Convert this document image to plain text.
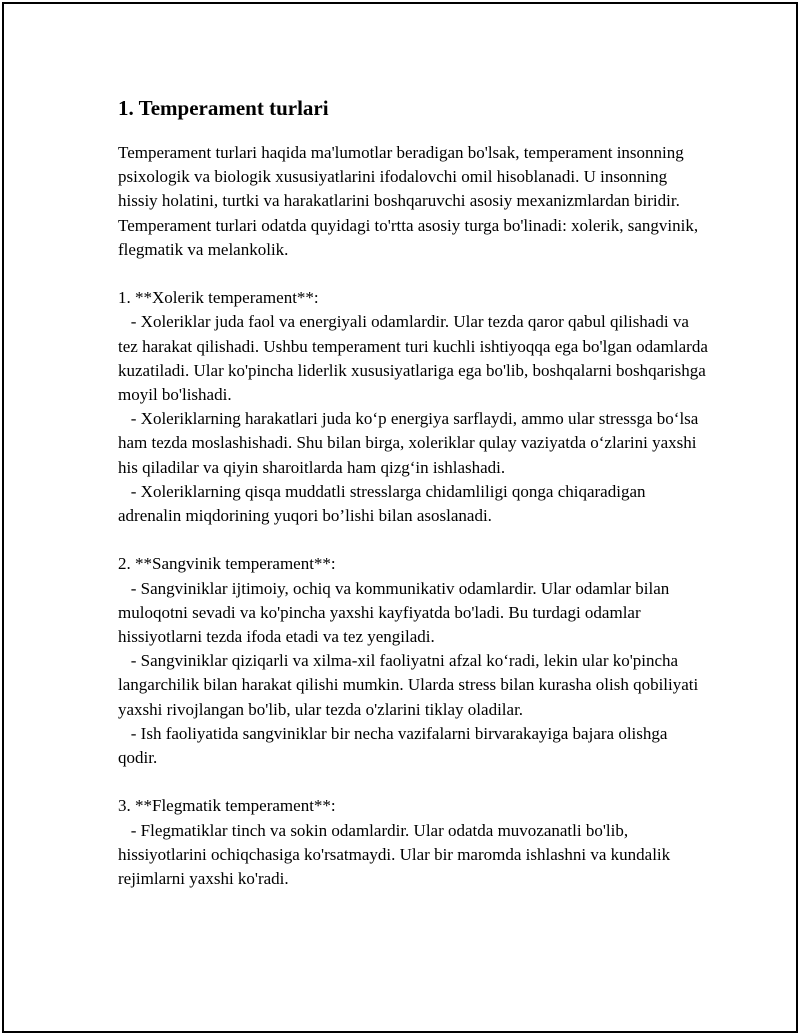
1. Temperament turlari

Temperament turlari haqida ma'lumotlar beradigan bo'lsak, temperament insonning psixologik va biologik xususiyatlarini ifodalovchi omil hisoblanadi. U insonning hissiy holatini, turtki va harakatlarini boshqaruvchi asosiy mexanizmlardan biridir. Temperament turlari odatda quyidagi to'rtta asosiy turga bo'linadi: xolerik, sangvinik, flegmatik va melankolik.

1. **Xolerik temperament**:

- Xoleriklar juda faol va energiyali odamlardir. Ular tezda qaror qabul qilishadi va tez harakat qilishadi. Ushbu temperament turi kuchli ishtiyoqqa ega bo'lgan odamlarda kuzatiladi. Ular ko'pincha liderlik xususiyatlariga ega bo'lib, boshqalarni boshqarishga moyil bo'lishadi.
- Xoleriklarning harakatlari juda ko‘p energiya sarflaydi, ammo ular stressga bo‘lsa ham tezda moslashishadi. Shu bilan birga, xoleriklar qulay vaziyatda o‘zlarini yaxshi his qiladilar va qiyin sharoitlarda ham qizg‘in ishlashadi.
- Xoleriklarning qisqa muddatli stresslarga chidamliligi qonga chiqaradigan adrenalin miqdorining yuqori bo’lishi bilan asoslanadi.

2. **Sangvinik temperament**:

- Sangviniklar ijtimoiy, ochiq va kommunikativ odamlardir. Ular odamlar bilan muloqotni sevadi va ko'pincha yaxshi kayfiyatda bo'ladi. Bu turdagi odamlar hissiyotlarni tezda ifoda etadi va tez yengiladi.
- Sangviniklar qiziqarli va xilma-xil faoliyatni afzal ko‘radi, lekin ular ko'pincha langarchilik bilan harakat qilishi mumkin. Ularda stress bilan kurasha olish qobiliyati yaxshi rivojlangan bo'lib, ular tezda o'zlarini tiklay oladilar.
- Ish faoliyatida sangviniklar bir necha vazifalarni birvarakayiga bajara olishga qodir.

3. **Flegmatik temperament**:

- Flegmatiklar tinch va sokin odamlardir. Ular odatda muvozanatli bo'lib, hissiyotlarini ochiqchasiga ko'rsatmaydi. Ular bir maromda ishlashni va kundalik rejimlarni yaxshi ko'radi.
